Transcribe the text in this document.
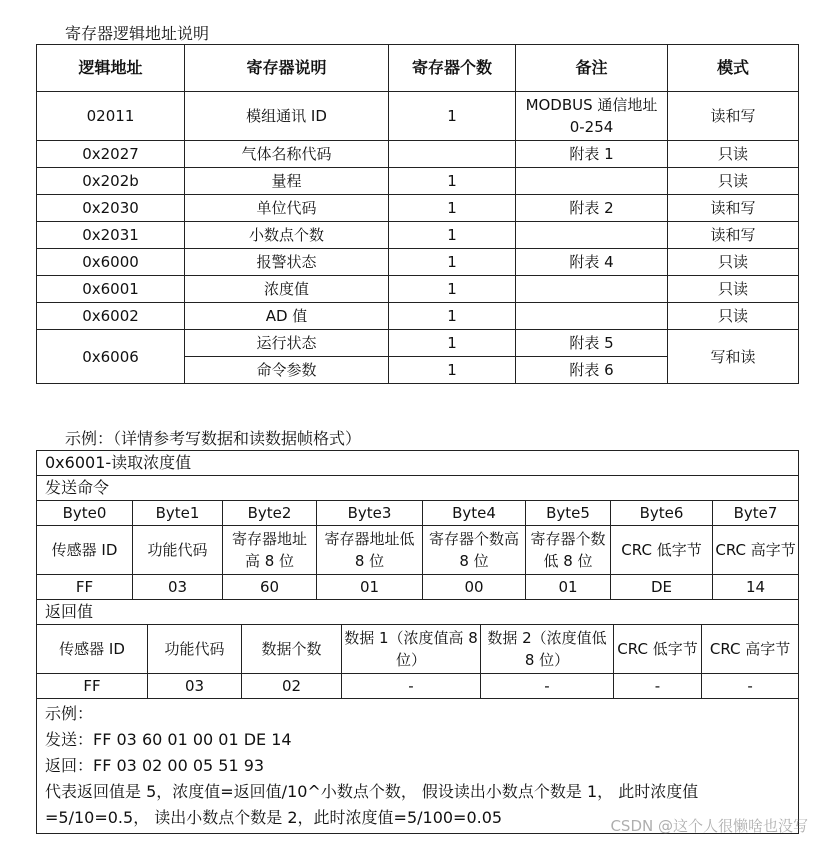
寄存器逻辑地址说明
逻辑地址	寄存器说明	寄存器个数	备注	模式
02011	模组通讯 ID	1	MODBUS 通信地址 0-254	读和写
0x2027	气体名称代码		附表 1	只读
0x202b	量程	1		只读
0x2030	单位代码	1	附表 2	读和写
0x2031	小数点个数	1		读和写
0x6000	报警状态	1	附表 4	只读
0x6001	浓度值	1		只读
0x6002	AD 值	1		只读
0x6006	运行状态	1	附表 5	写和读
	命令参数	1	附表 6	
示例：（详情参考写数据和读数据帧格式）
0x6001-读取浓度值													
发送命令													
Byte0	Byte1		Byte2		Byte3		Byte4		Byte5	Byte6			Byte7
传感器 ID	功能代码		寄存器地址高 8 位		寄存器地址低 8 位		寄存器个数高 8 位		寄存器个数低 8 位	CRC 低字节			CRC 高字节
FF	03		60		01		00		01	DE			14
返回值													
传感器 ID		功能代码		数据个数		数据 1（浓度值高 8 位）		数据 2（浓度值低 8 位）			CRC 低字节	CRC 高字节	
FF		03		02		-		-			-	-	

示例：
发送：FF 03 60 01 00 01 DE 14
返回：FF 03 02 00 05 51 93
代表返回值是 5，浓度值=返回值/10^小数点个数， 假设读出小数点个数是 1， 此时浓度值=5/10=0.5， 读出小数点个数是 2，此时浓度值=5/100=0.05														CSDN @这个人很懒啥也没写
